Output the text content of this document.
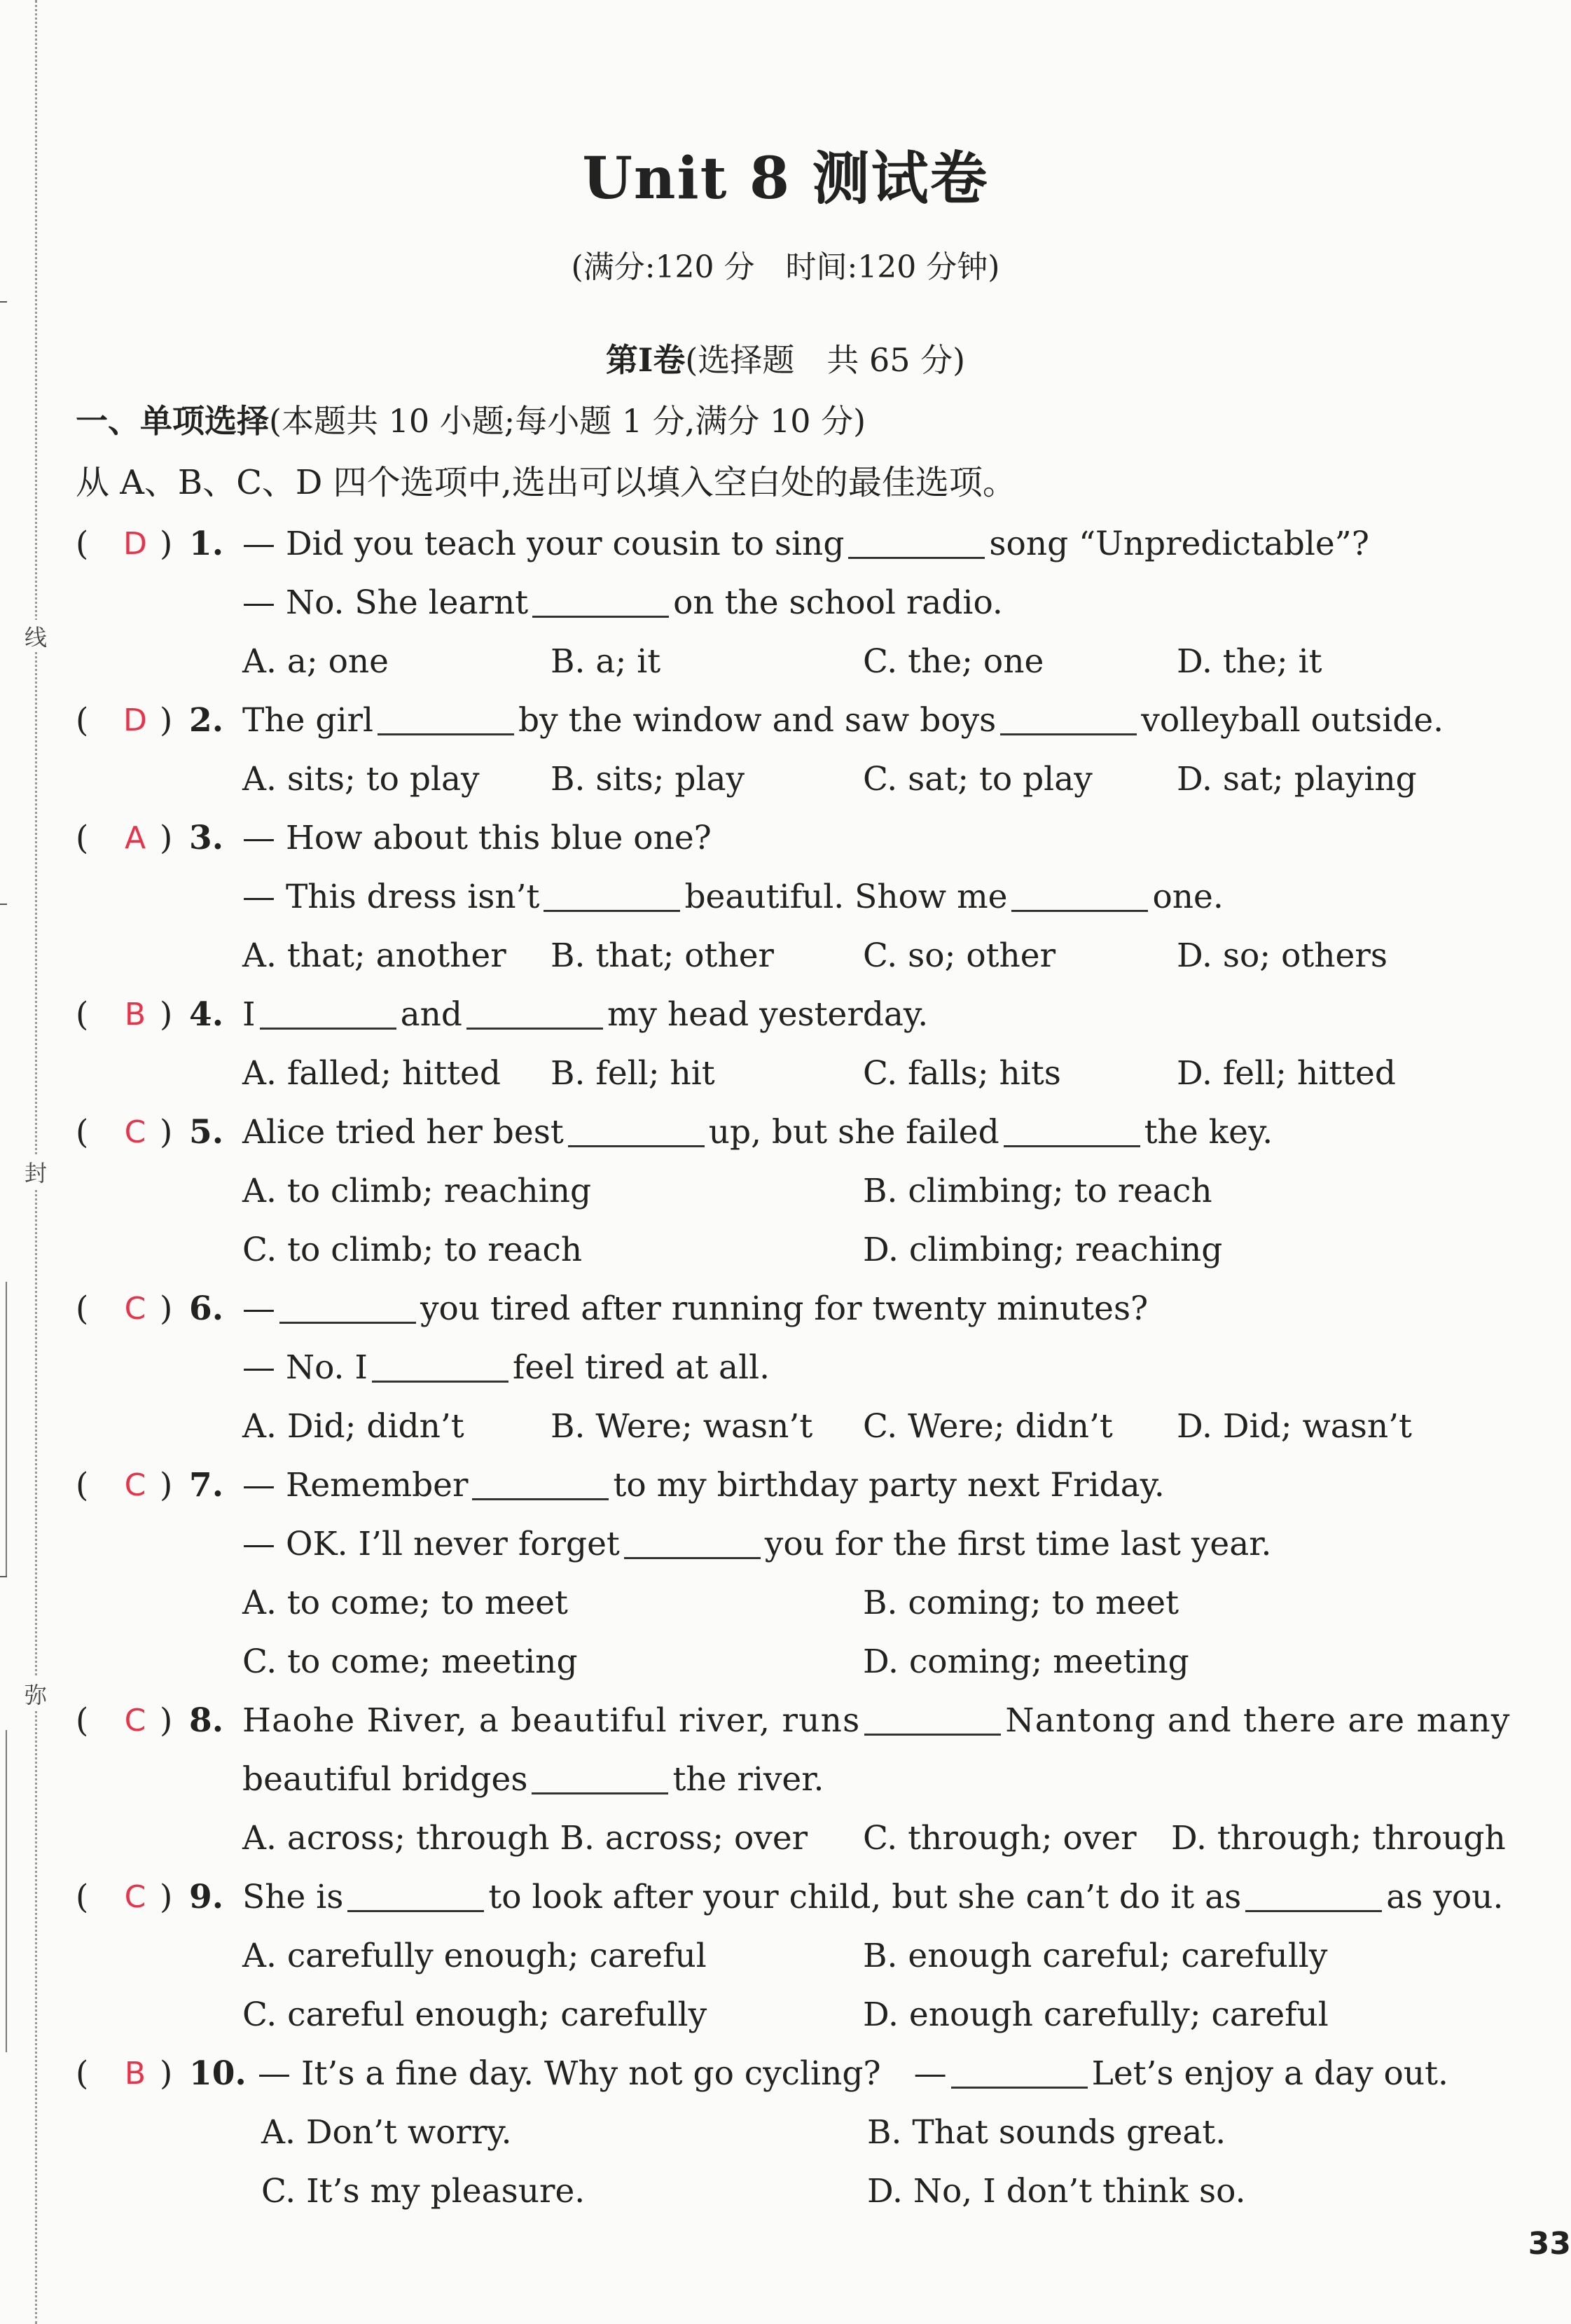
线
封
弥
Unit 8 测试卷
(满分:120 分　时间:120 分钟)
第Ⅰ卷(选择题　共 65 分)
一、单项选择(本题共 10 小题;每小题 1 分,满分 10 分)
从 A、B、C、D 四个选项中,选出可以填入空白处的最佳选项。
( D ) 1. — Did you teach your cousin to sing	song “Unpredictable”?
— No. She learnt	on the school radio.
A. a; one	B. a; it	C. the; one	D. the; it
( D ) 2. The girl	by the window and saw boys	volleyball outside.
A. sits; to play B. sits; play	C. sat; to play	D. sat; playing
( A ) 3. — How about this blue one?
— This dress isn’t	beautiful. Show me	one.
A. that; another B. that; other	C. so; other	D. so; others
( B ) 4. I	and	my head yesterday.
A. falled; hitted B. fell; hit	C. falls; hits	D. fell; hitted
( C ) 5. Alice tried her best	up, but she failed	the key.
A. to climb; reaching	B. climbing; to reach
C. to climb; to reach	D. climbing; reaching
( C ) 6. —	you tired after running for twenty minutes?
— No. I	feel tired at all.
A. Did; didn’t	B. Were; wasn’t C. Were; didn’t D. Did; wasn’t
( C ) 7. — Remember	to my birthday party next Friday.
— OK. I’ll never forget	you for the first time last year.
A. to come; to meet	B. coming; to meet
C. to come; meeting	D. coming; meeting
( C ) 8. Haohe River, a beautiful river, runs	Nantong and there are many
beautiful bridges	the river.
A. across; through B. across; over C. through; over D. through; through
( C ) 9. She is	to look after your child, but she can’t do it as	as you.
A. carefully enough; careful	B. enough careful; carefully
C. careful enough; carefully	D. enough carefully; careful
( B ) 10. — It’s a fine day. Why not go cycling?　—	Let’s enjoy a day out.
A. Don’t worry.	B. That sounds great.
C. It’s my pleasure.	D. No, I don’t think so.
33
